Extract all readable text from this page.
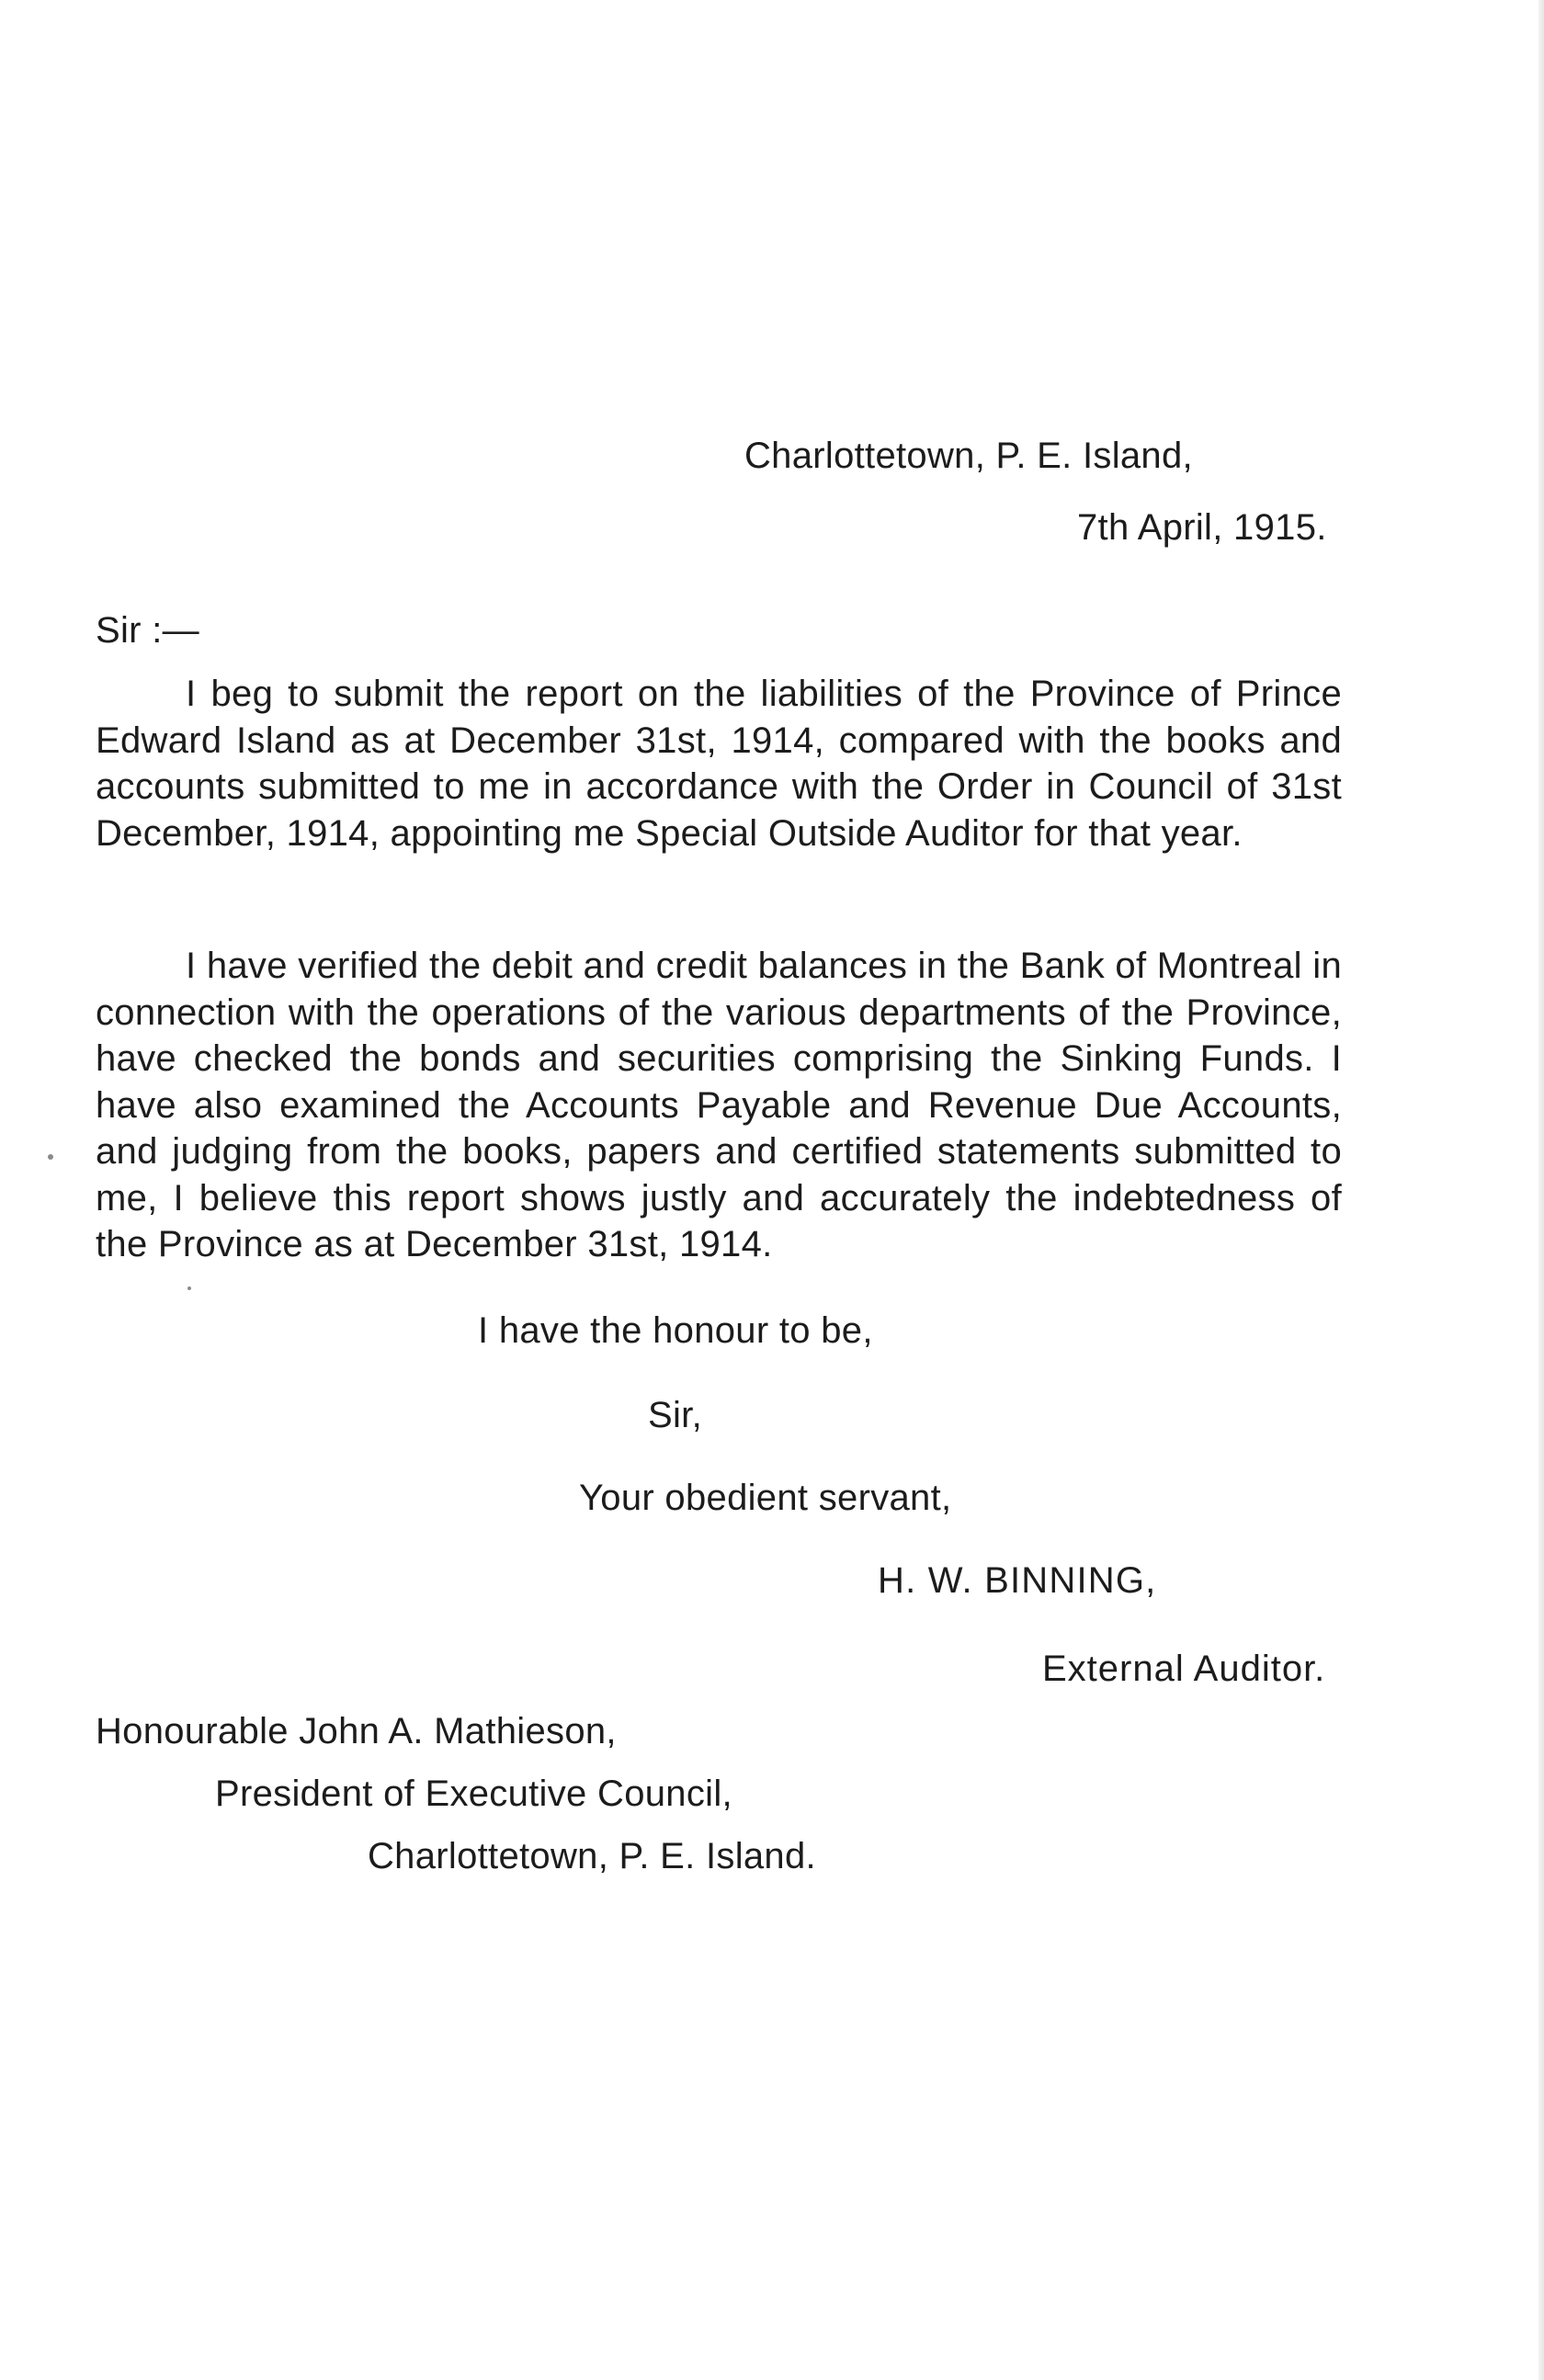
Charlottetown, P. E. Island,

7th April, 1915.

Sir :—

I beg to submit the report on the liabilities of the Province of Prince Edward Island as at December 31st, 1914, compared with the books and accounts submitted to me in accordance with the Order in Council of 31st December, 1914, appointing me Special Outside Auditor for that year.

I have verified the debit and credit balances in the Bank of Montreal in connection with the operations of the various departments of the Province, have checked the bonds and securities comprising the Sinking Funds. I have also examined the Accounts Payable and Revenue Due Accounts, and judging from the books, papers and certified statements submitted to me, I believe this report shows justly and accurately the indebtedness of the Province as at December 31st, 1914.

I have the honour to be,

Sir,

Your obedient servant,

H. W. BINNING,

External Auditor.

Honourable John A. Mathieson,

President of Executive Council,

Charlottetown, P. E. Island.
